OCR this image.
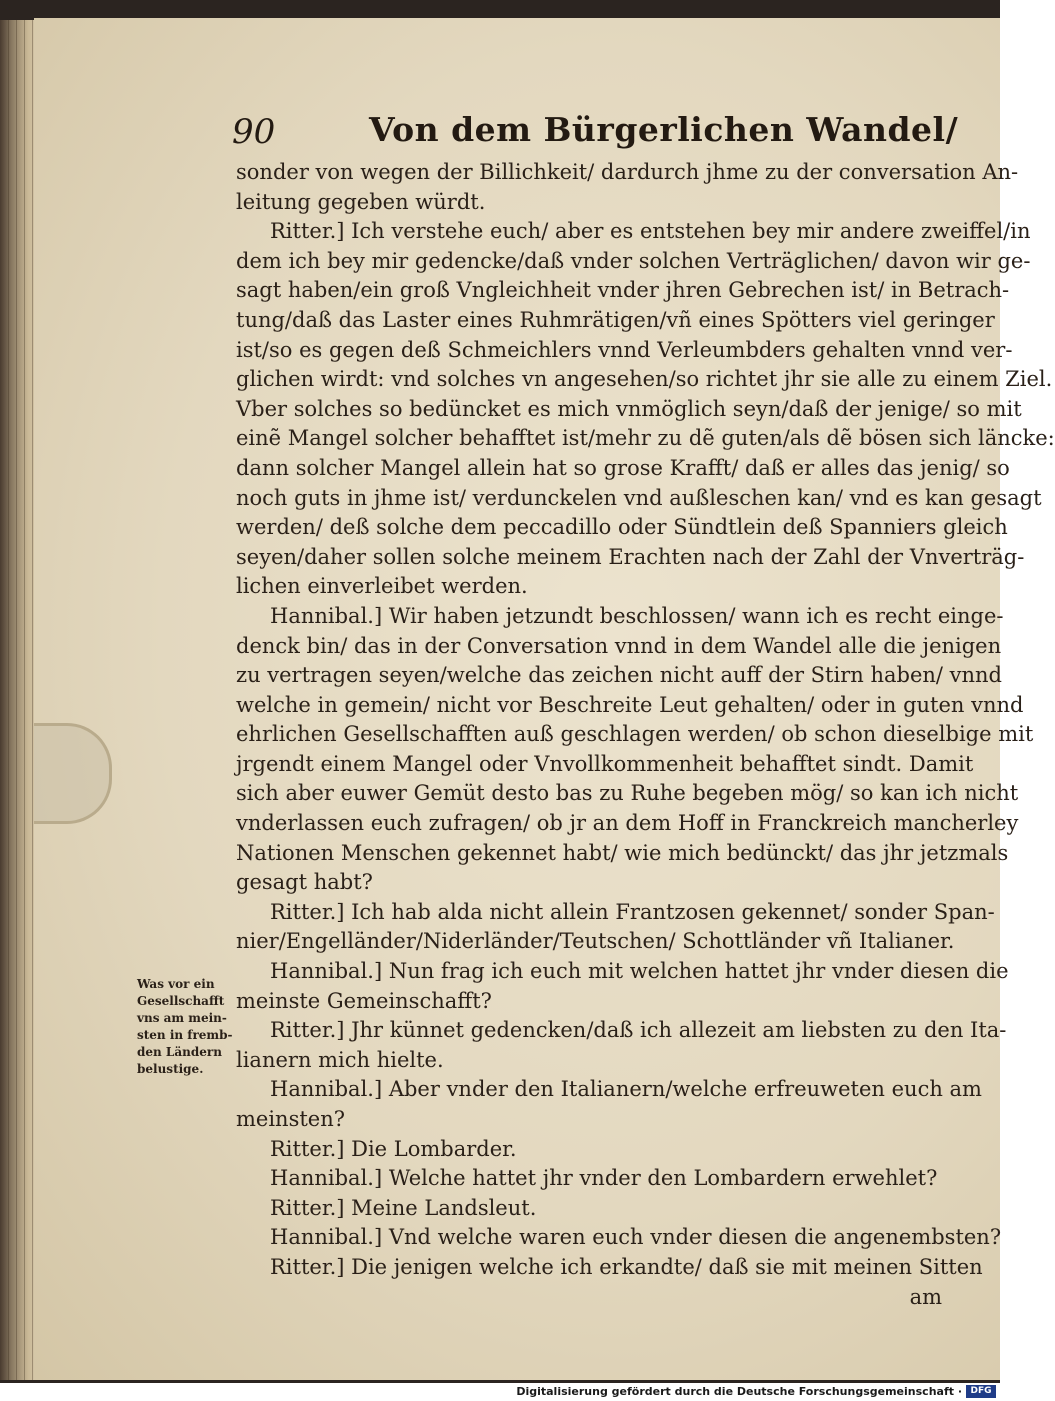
90	Von dem Bürgerlichen Wandel/
sonder von wegen der Billichkeit/ dardurch jhme zu der conversation An-
leitung gegeben würdt.
Ritter.] Ich verstehe euch/ aber es entstehen bey mir andere zweiffel/in
dem ich bey mir gedencke/daß vnder solchen Verträglichen/ davon wir ge-
sagt haben/ein groß Vngleichheit vnder jhren Gebrechen ist/ in Betrach-
tung/daß das Laster eines Ruhmrätigen/vñ eines Spötters viel geringer
ist/so es gegen deß Schmeichlers vnnd Verleumbders gehalten vnnd ver-
glichen wirdt: vnd solches vn angesehen/so richtet jhr sie alle zu einem Ziel.
Vber solches so bedüncket es mich vnmöglich seyn/daß der jenige/ so mit
einẽ Mangel solcher behafftet ist/mehr zu dẽ guten/als dẽ bösen sich läncke:
dann solcher Mangel allein hat so grose Krafft/ daß er alles das jenig/ so
noch guts in jhme ist/ verdunckelen vnd außleschen kan/ vnd es kan gesagt
werden/ deß solche dem peccadillo oder Sündtlein deß Spanniers gleich
seyen/daher sollen solche meinem Erachten nach der Zahl der Vnverträg-
lichen einverleibet werden.
Hannibal.] Wir haben jetzundt beschlossen/ wann ich es recht einge-
denck bin/ das in der Conversation vnnd in dem Wandel alle die jenigen
zu vertragen seyen/welche das zeichen nicht auff der Stirn haben/ vnnd
welche in gemein/ nicht vor Beschreite Leut gehalten/ oder in guten vnnd
ehrlichen Gesellschafften auß geschlagen werden/ ob schon dieselbige mit
jrgendt einem Mangel oder Vnvollkommenheit behafftet sindt. Damit
sich aber euwer Gemüt desto bas zu Ruhe begeben mög/ so kan ich nicht
vnderlassen euch zufragen/ ob jr an dem Hoff in Franckreich mancherley
Nationen Menschen gekennet habt/ wie mich bedünckt/ das jhr jetzmals
gesagt habt?
Ritter.] Ich hab alda nicht allein Frantzosen gekennet/ sonder Span-
nier/Engelländer/Niderländer/Teutschen/ Schottländer vñ Italianer.
Hannibal.] Nun frag ich euch mit welchen hattet jhr vnder diesen die
meinste Gemeinschafft?
Ritter.] Jhr künnet gedencken/daß ich allezeit am liebsten zu den Ita-
lianern mich hielte.
Hannibal.] Aber vnder den Italianern/welche erfreuweten euch am
meinsten?
Ritter.] Die Lombarder.
Hannibal.] Welche hattet jhr vnder den Lombardern erwehlet?
Ritter.] Meine Landsleut.
Hannibal.] Vnd welche waren euch vnder diesen die angenembsten?
Ritter.] Die jenigen welche ich erkandte/ daß sie mit meinen Sitten
am
Was vor ein
Gesellschafft
vns am mein-
sten in fremb-
den Ländern
belustige.
Digitalisierung gefördert durch die Deutsche Forschungsgemeinschaft · DFG
